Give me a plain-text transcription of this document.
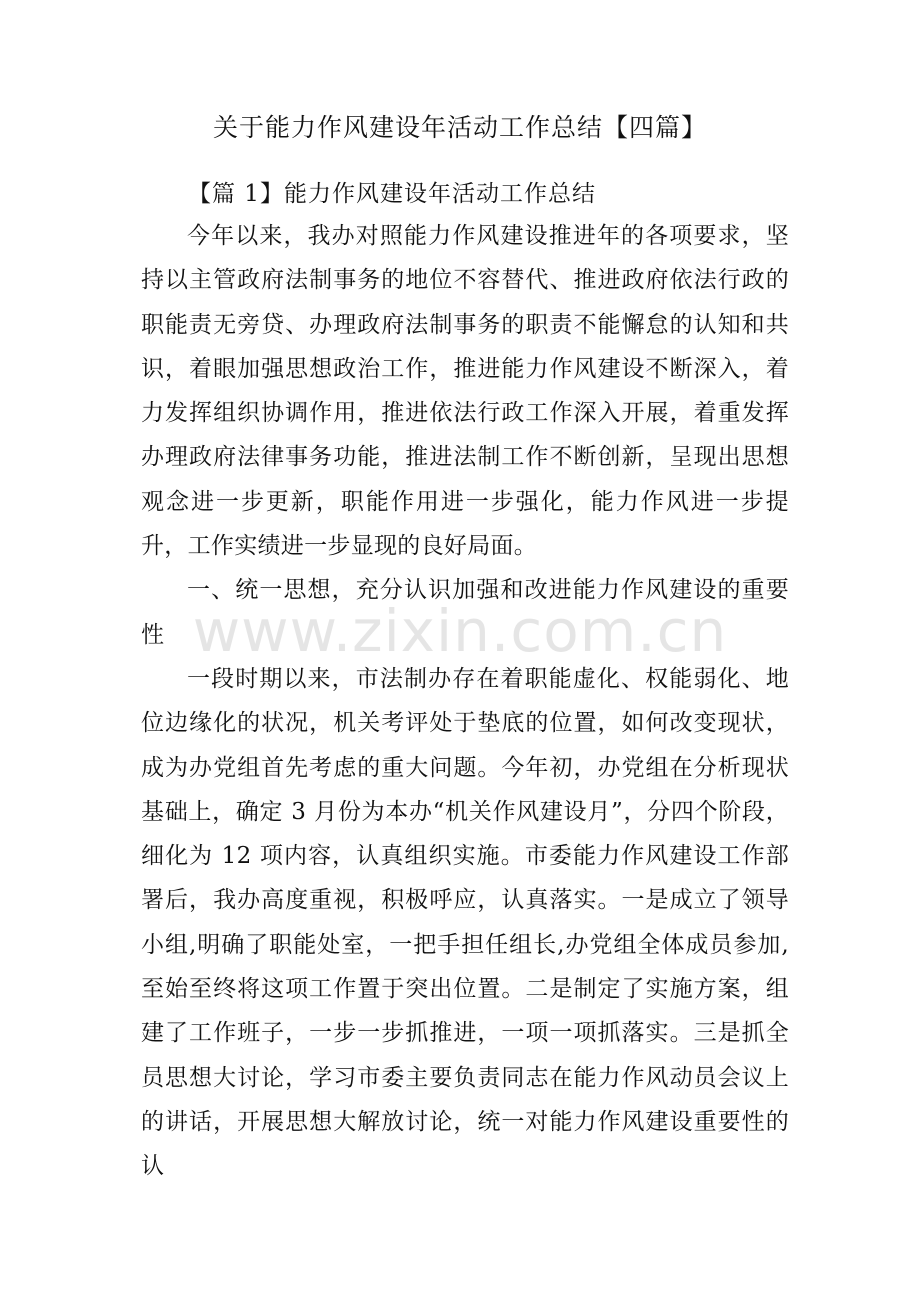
关于能力作风建设年活动工作总结【四篇】
【篇 1】能力作风建设年活动工作总结

今年以来，我办对照能力作风建设推进年的各项要求，坚持以主管政府法制事务的地位不容替代、推进政府依法行政的职能责无旁贷、办理政府法制事务的职责不能懈怠的认知和共识，着眼加强思想政治工作，推进能力作风建设不断深入，着力发挥组织协调作用，推进依法行政工作深入开展，着重发挥办理政府法律事务功能，推进法制工作不断创新，呈现出思想观念进一步更新，职能作用进一步强化，能力作风进一步提升，工作实绩进一步显现的良好局面。

一、统一思想，充分认识加强和改进能力作风建设的重要性

一段时期以来，市法制办存在着职能虚化、权能弱化、地位边缘化的状况，机关考评处于垫底的位置，如何改变现状，成为办党组首先考虑的重大问题。今年初，办党组在分析现状基础上，确定 3 月份为本办“机关作风建设月”，分四个阶段，细化为 12 项内容，认真组织实施。市委能力作风建设工作部署后，我办高度重视，积极呼应，认真落实。一是成立了领导小组,明确了职能处室，一把手担任组长,办党组全体成员参加,至始至终将这项工作置于突出位置。二是制定了实施方案，组建了工作班子，一步一步抓推进，一项一项抓落实。三是抓全员思想大讨论，学习市委主要负责同志在能力作风动员会议上的讲话，开展思想大解放讨论，统一对能力作风建设重要性的认

www.zixin.com.cn
